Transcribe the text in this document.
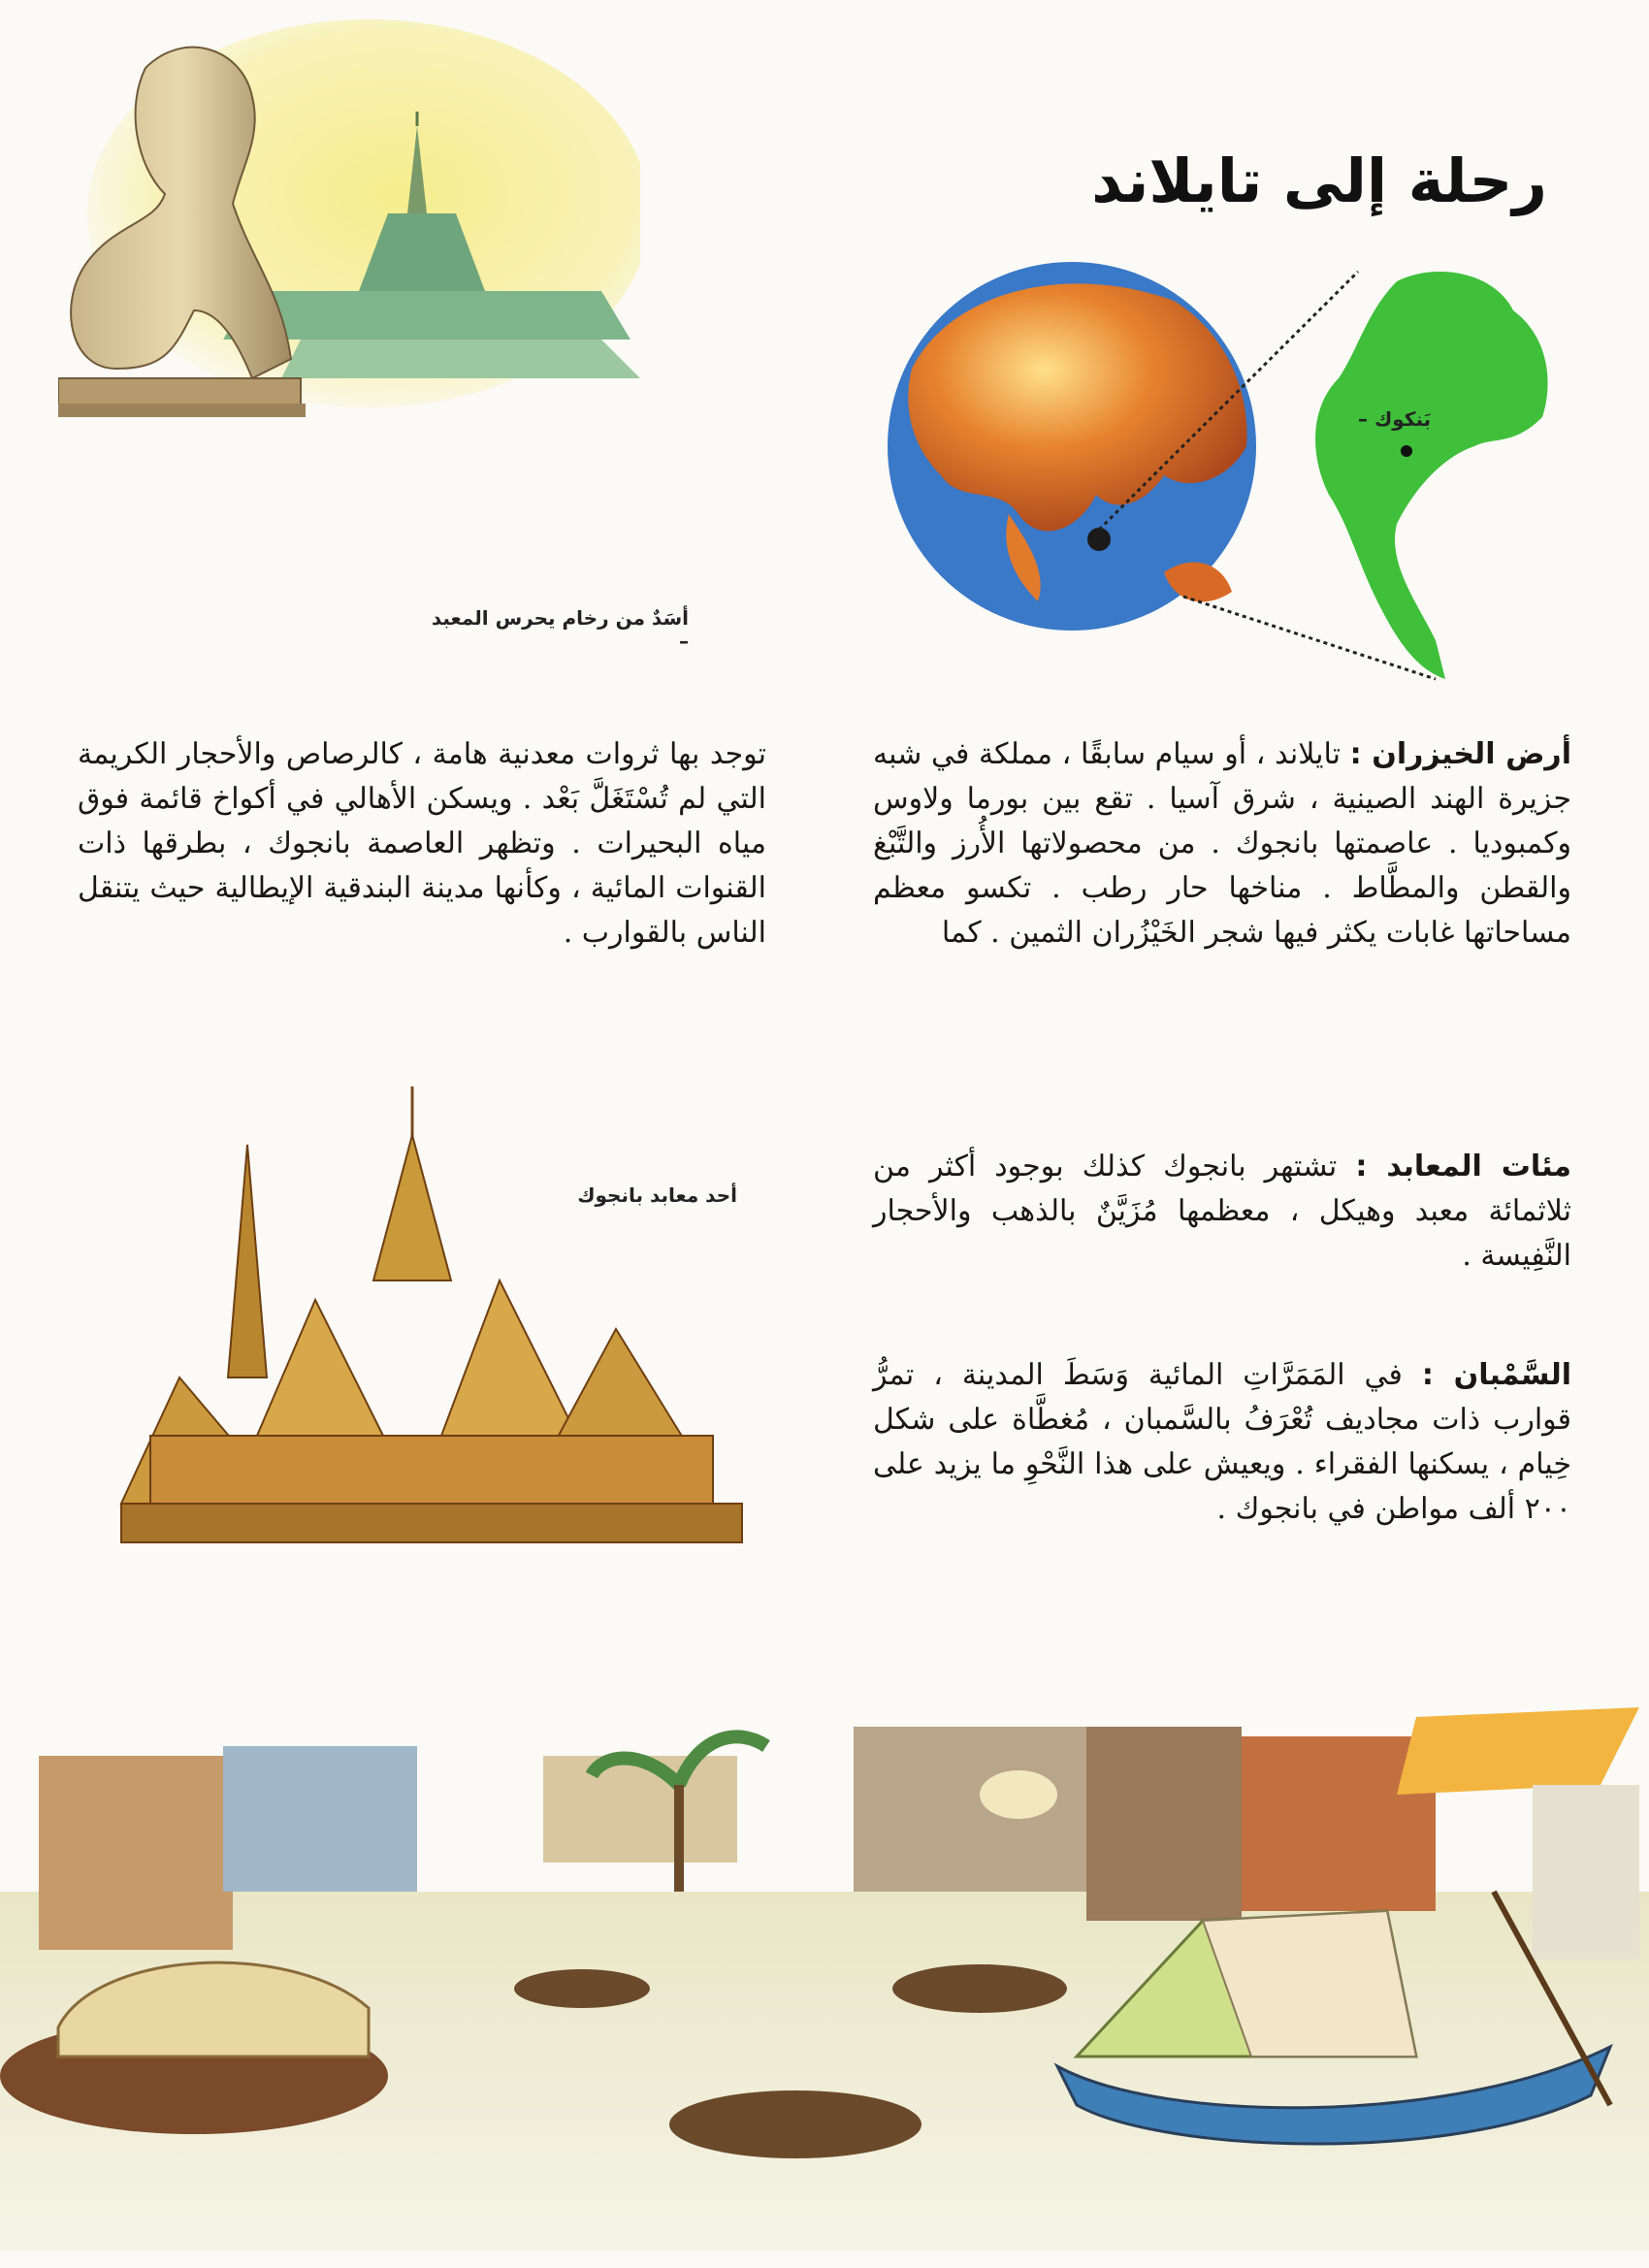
رحلة إلى تايلاند
أسَدٌ من رخام يحرس المعبد –
بَنكوك –
أرض الخيزران : تايلاند ، أو سيام سابقًا ، مملكة في شبه جزيرة الهند الصينية ، شرق آسيا . تقع بين بورما ولاوس وكمبوديا . عاصمتها بانجوك . من محصولاتها الأُرز والتَّبْغ والقطن والمطَّاط . مناخها حار رطب . تكسو معظم مساحاتها غابات يكثر فيها شجر الخَيْزُران الثمين . كما
مئات المعابد : تشتهر بانجوك كذلك بوجود أكثر من ثلاثمائة معبد وهيكل ، معظمها مُزَيَّنٌ بالذهب والأحجار النَّفِيسة .
السَّمْبان : في المَمَرَّاتِ المائية وَسَطَ المدينة ، تمرُّ قوارب ذات مجاديف تُعْرَفُ بالسَّمبان ، مُغطَّاة على شكل خِيام ، يسكنها الفقراء . ويعيش على هذا النَّحْوِ ما يزيد على ٢٠٠ ألف مواطن في بانجوك .
توجد بها ثروات معدنية هامة ، كالرصاص والأحجار الكريمة التي لم تُسْتَغَلَّ بَعْد . ويسكن الأهالي في أكواخ قائمة فوق مياه البحيرات . وتظهر العاصمة بانجوك ، بطرقها ذات القنوات المائية ، وكأنها مدينة البندقية الإيطالية حيث يتنقل الناس بالقوارب .
أحد معابد بانجوك
